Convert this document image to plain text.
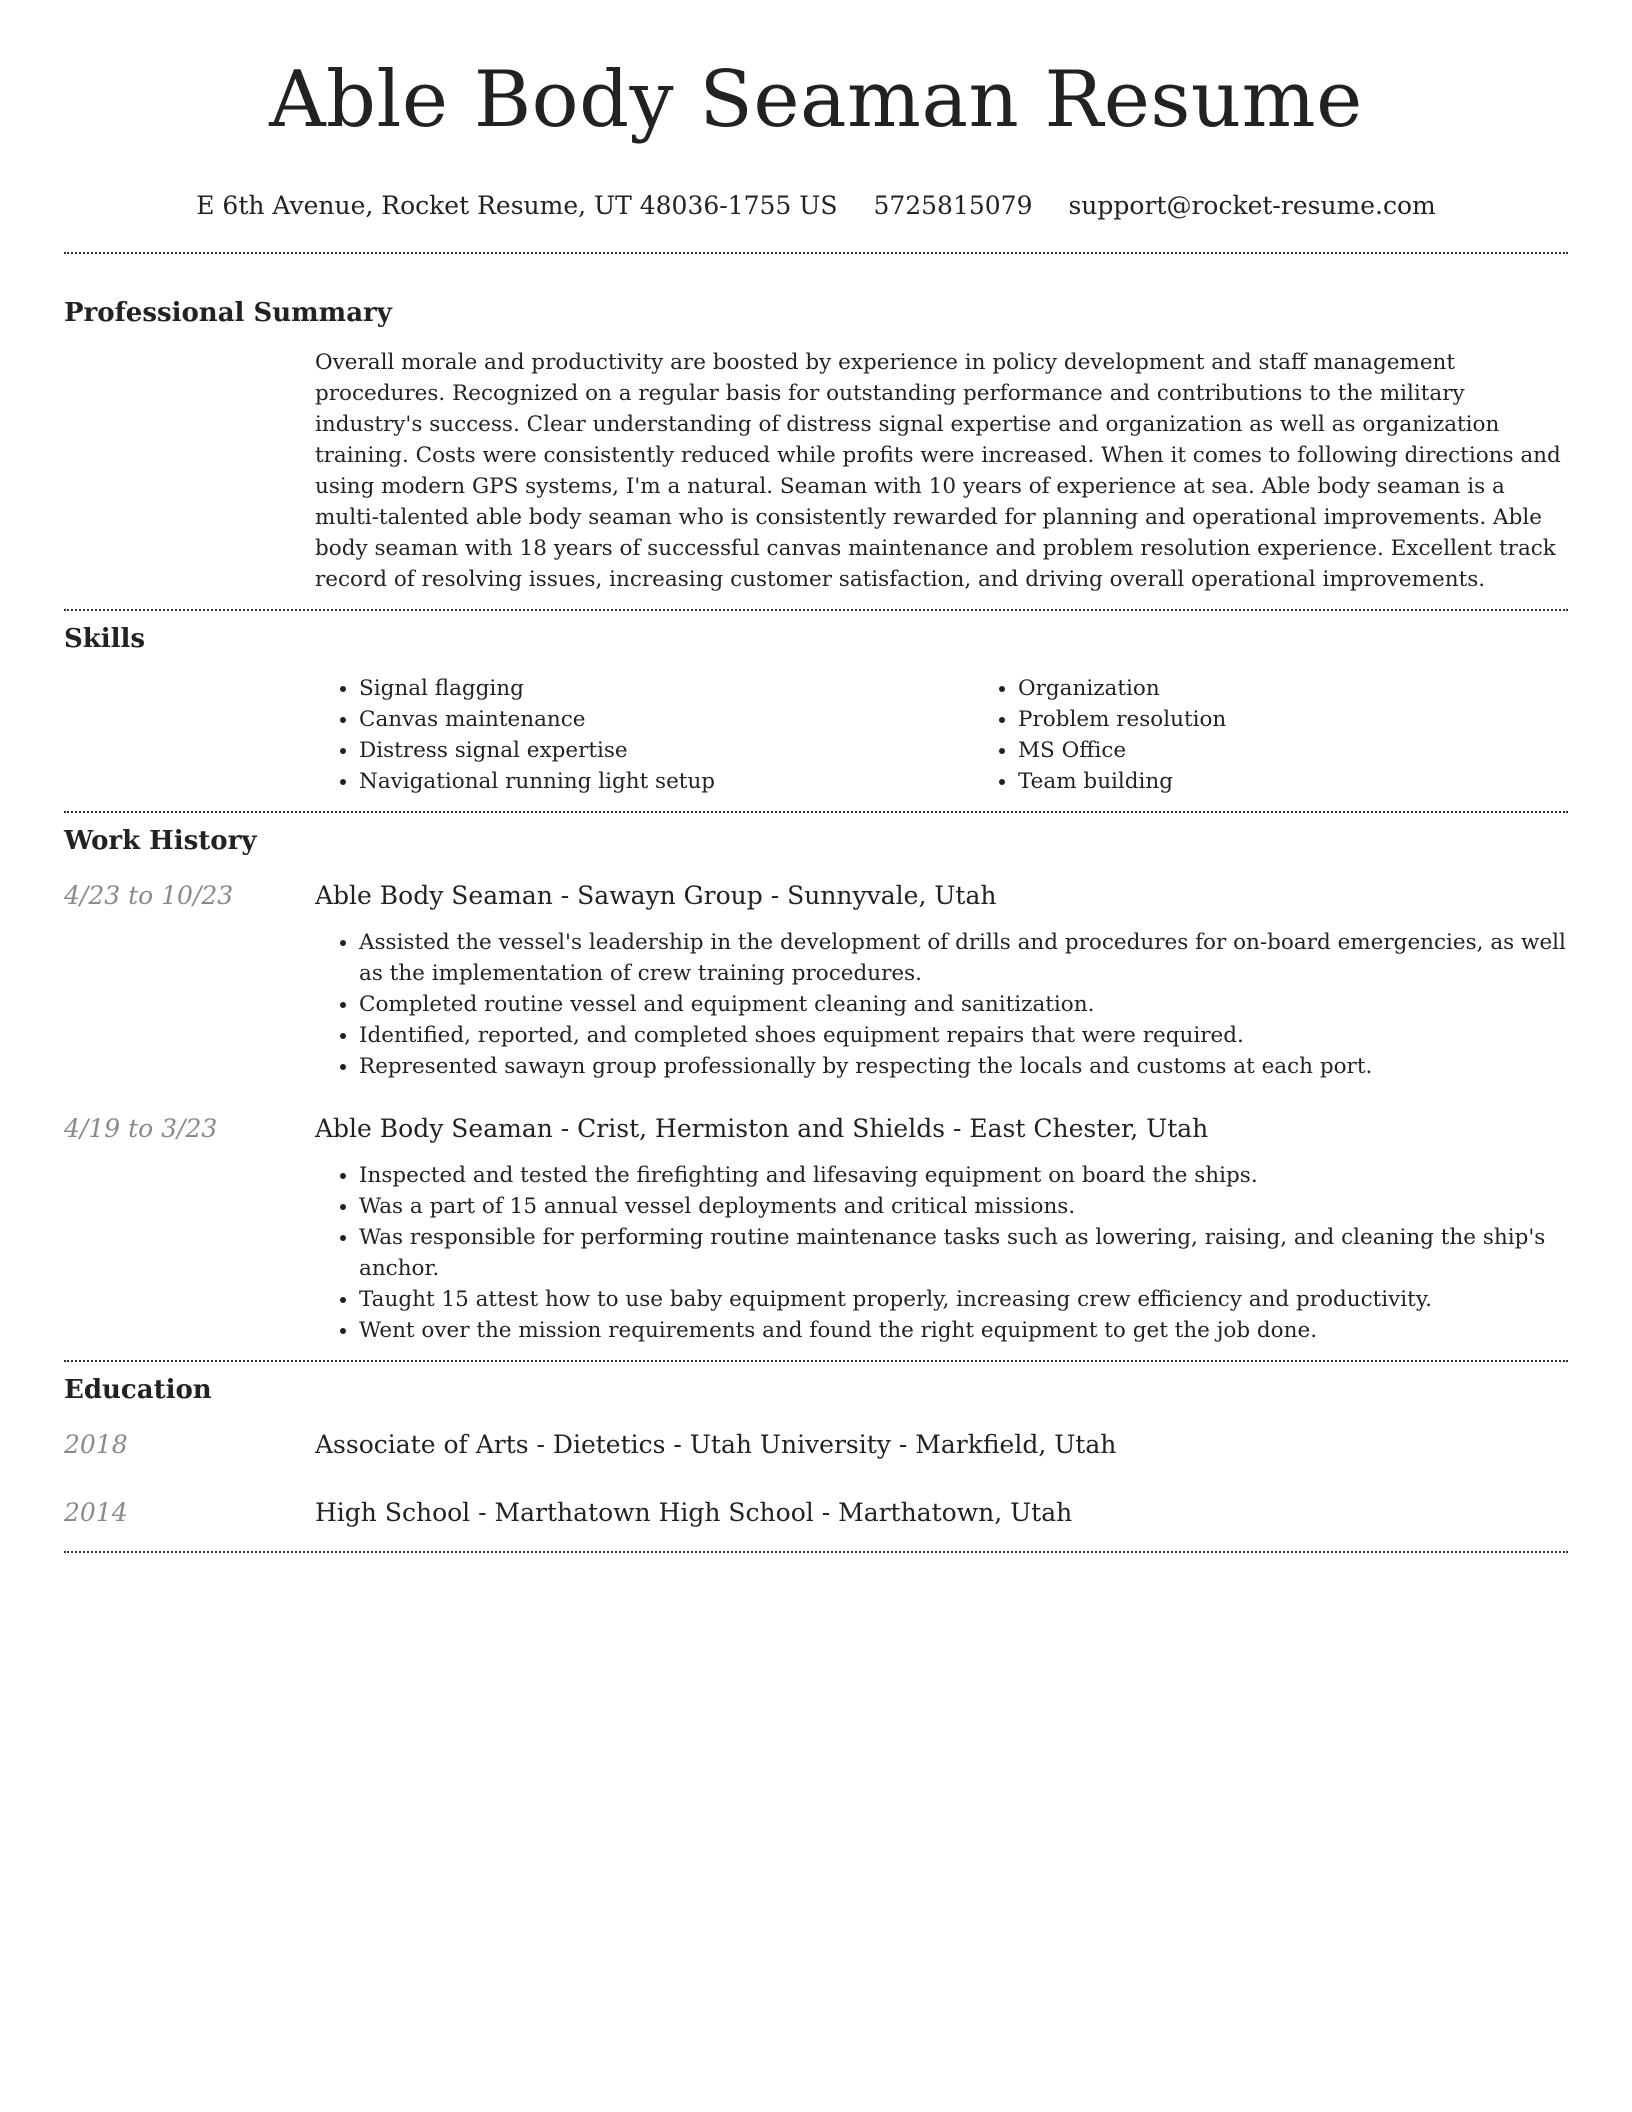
Able Body Seaman Resume
E 6th Avenue, Rocket Resume, UT 48036-1755 US 5725815079 support@rocket-resume.com
Professional Summary

Overall morale and productivity are boosted by experience in policy development and staff management procedures. Recognized on a regular basis for outstanding performance and contributions to the military industry's success. Clear understanding of distress signal expertise and organization as well as organization training. Costs were consistently reduced while profits were increased. When it comes to following directions and using modern GPS systems, I'm a natural. Seaman with 10 years of experience at sea. Able body seaman is a multi-talented able body seaman who is consistently rewarded for planning and operational improvements. Able body seaman with 18 years of successful canvas maintenance and problem resolution experience. Excellent track record of resolving issues, increasing customer satisfaction, and driving overall operational improvements.

Skills
• Signal flagging
• Canvas maintenance
• Distress signal expertise
• Navigational running light setup
• Organization
• Problem resolution
• MS Office
• Team building
Work History
4/23 to 10/23	Able Body Seaman - Sawayn Group - Sunnyvale, Utah
• Assisted the vessel's leadership in the development of drills and procedures for on-board emergencies, as well as the implementation of crew training procedures.
• Completed routine vessel and equipment cleaning and sanitization.
• Identified, reported, and completed shoes equipment repairs that were required.
• Represented sawayn group professionally by respecting the locals and customs at each port.
4/19 to 3/23	Able Body Seaman - Crist, Hermiston and Shields - East Chester, Utah
• Inspected and tested the firefighting and lifesaving equipment on board the ships.
• Was a part of 15 annual vessel deployments and critical missions.
• Was responsible for performing routine maintenance tasks such as lowering, raising, and cleaning the ship's anchor.
• Taught 15 attest how to use baby equipment properly, increasing crew efficiency and productivity.
• Went over the mission requirements and found the right equipment to get the job done.
Education
2018	Associate of Arts - Dietetics - Utah University - Markfield, Utah
2014	High School - Marthatown High School - Marthatown, Utah
